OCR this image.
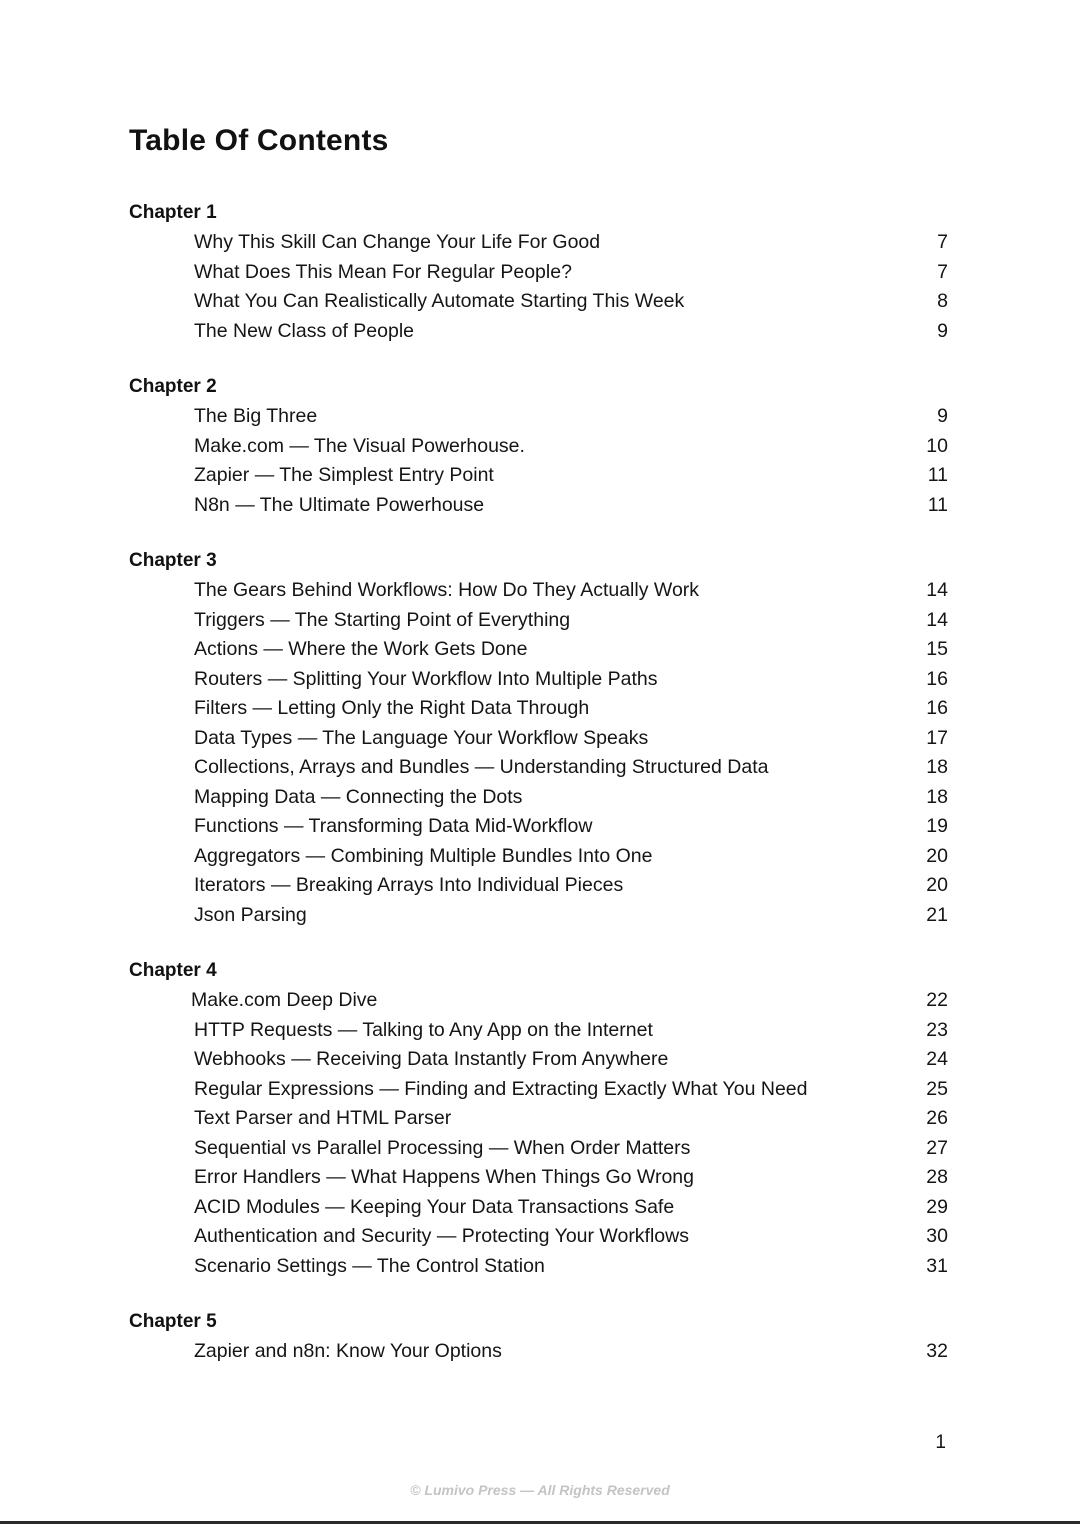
Table Of Contents
Chapter 1
Why This Skill Can Change Your Life For Good	7
What Does This Mean For Regular People?	7
What You Can Realistically Automate Starting This Week	8
The New Class of People	9
Chapter 2
The Big Three	9
Make.com — The Visual Powerhouse.	10
Zapier — The Simplest Entry Point	11
N8n — The Ultimate Powerhouse	11
Chapter 3
The Gears Behind Workflows: How Do They Actually Work	14
Triggers — The Starting Point of Everything	14
Actions — Where the Work Gets Done	15
Routers — Splitting Your Workflow Into Multiple Paths	16
Filters — Letting Only the Right Data Through	16
Data Types — The Language Your Workflow Speaks	17
Collections, Arrays and Bundles — Understanding Structured Data	18
Mapping Data — Connecting the Dots	18
Functions — Transforming Data Mid-Workflow	19
Aggregators — Combining Multiple Bundles Into One	20
Iterators — Breaking Arrays Into Individual Pieces	20
Json Parsing	21
Chapter 4
Make.com Deep Dive	22
HTTP Requests — Talking to Any App on the Internet	23
Webhooks — Receiving Data Instantly From Anywhere	24
Regular Expressions — Finding and Extracting Exactly What You Need	25
Text Parser and HTML Parser	26
Sequential vs Parallel Processing — When Order Matters	27
Error Handlers — What Happens When Things Go Wrong	28
ACID Modules — Keeping Your Data Transactions Safe	29
Authentication and Security — Protecting Your Workflows	30
Scenario Settings — The Control Station	31
Chapter 5
Zapier and n8n: Know Your Options	32
1
© Lumivo Press — All Rights Reserved
